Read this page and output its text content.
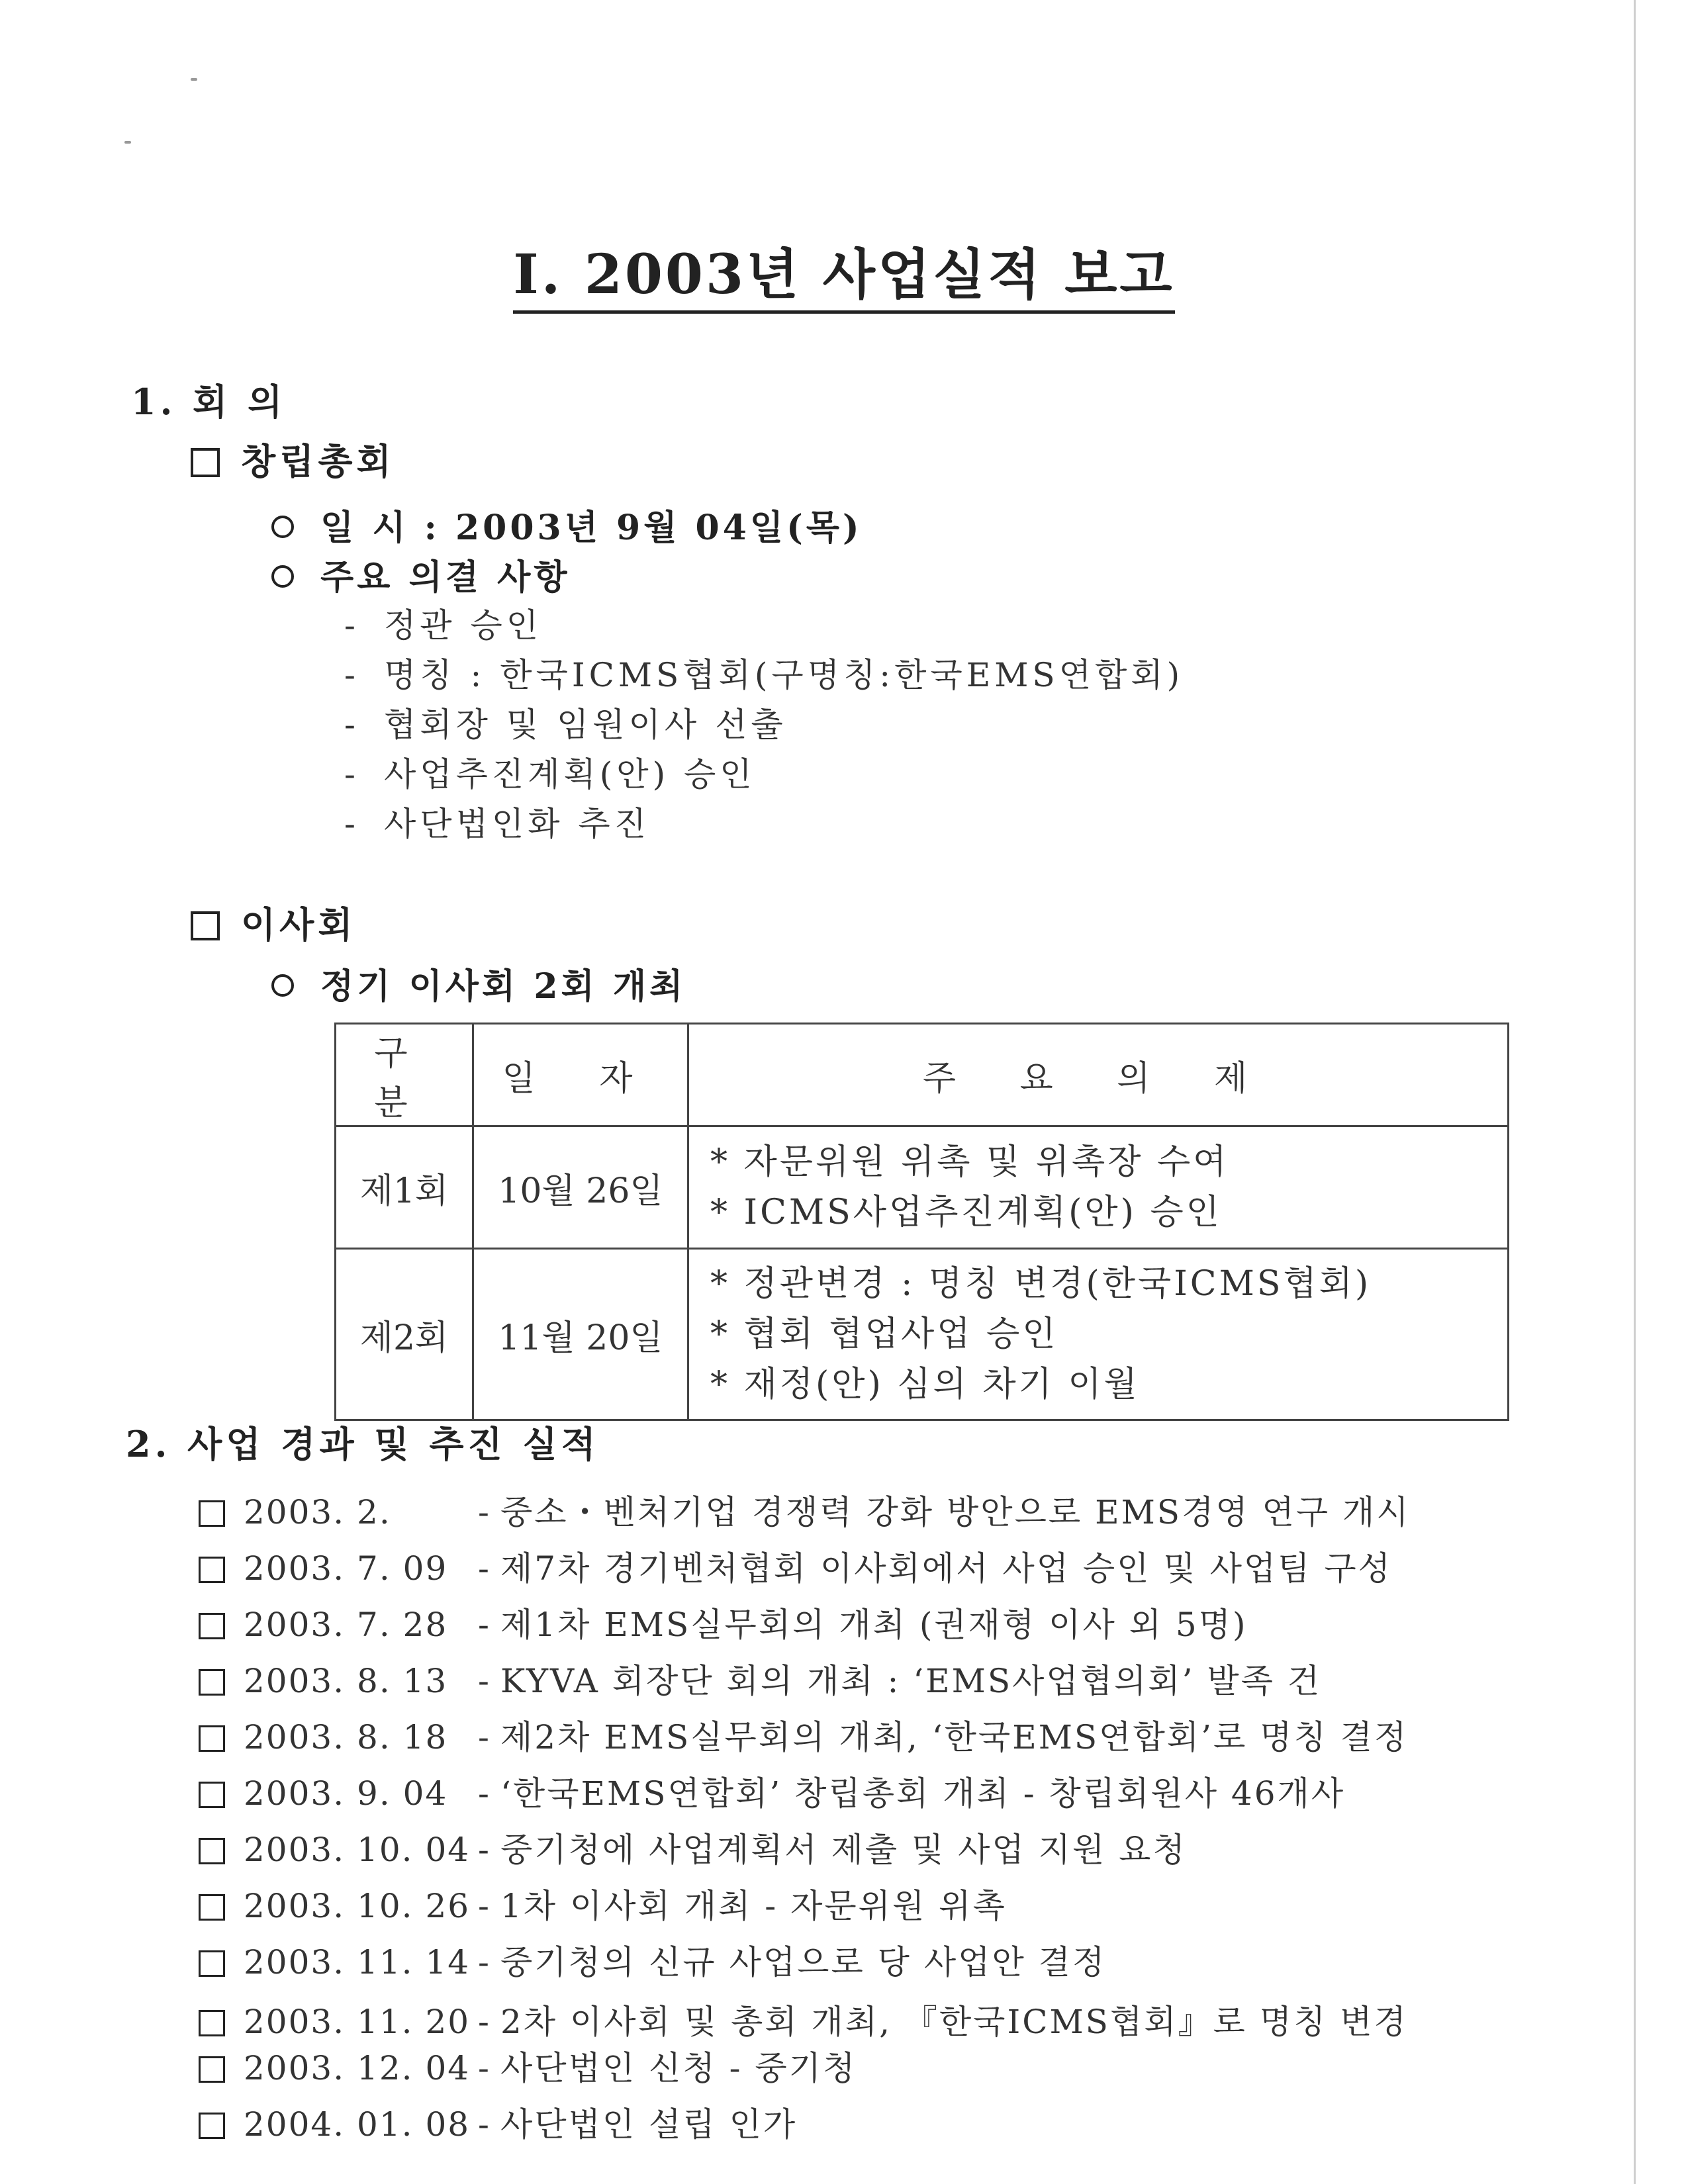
I. 2003년 사업실적 보고
1. 회 의
창립총회
일 시 : 2003년 9월 04일(목)
주요 의결 사항
- 정관 승인
- 명칭 : 한국ICMS협회(구명칭:한국EMS연합회)
- 협회장 및 임원이사 선출
- 사업추진계획(안) 승인
- 사단법인화 추진
이사회
정기 이사회 2회 개최
구 분	일 자	주 요 의 제
제1회	10월 26일	* 자문위원 위촉 및 위촉장 수여
* ICMS사업추진계획(안) 승인

제2회	11월 20일	* 정관변경 : 명칭 변경(한국ICMS협회)
* 협회 협업사업 승인
* 재정(안) 심의 차기 이월
2. 사업 경과 및 추진 실적
2003. 2.	- 중소・벤처기업 경쟁력 강화 방안으로 EMS경영 연구 개시
2003. 7. 09 - 제7차 경기벤처협회 이사회에서 사업 승인 및 사업팀 구성
2003. 7. 28 - 제1차 EMS실무회의 개최 (권재형 이사 외 5명)
2003. 8. 13 - KYVA 회장단 회의 개최 : ‘EMS사업협의회’ 발족 건
2003. 8. 18 - 제2차 EMS실무회의 개최, ‘한국EMS연합회’로 명칭 결정
2003. 9. 04 - ‘한국EMS연합회’ 창립총회 개최 - 창립회원사 46개사
2003. 10. 04 - 중기청에 사업계획서 제출 및 사업 지원 요청
2003. 10. 26 - 1차 이사회 개최 - 자문위원 위촉
2003. 11. 14 - 중기청의 신규 사업으로 당 사업안 결정
2003. 11. 20 - 2차 이사회 및 총회 개최, 『한국ICMS협회』로 명칭 변경
2003. 12. 04 - 사단법인 신청 - 중기청
2004. 01. 08 - 사단법인 설립 인가
